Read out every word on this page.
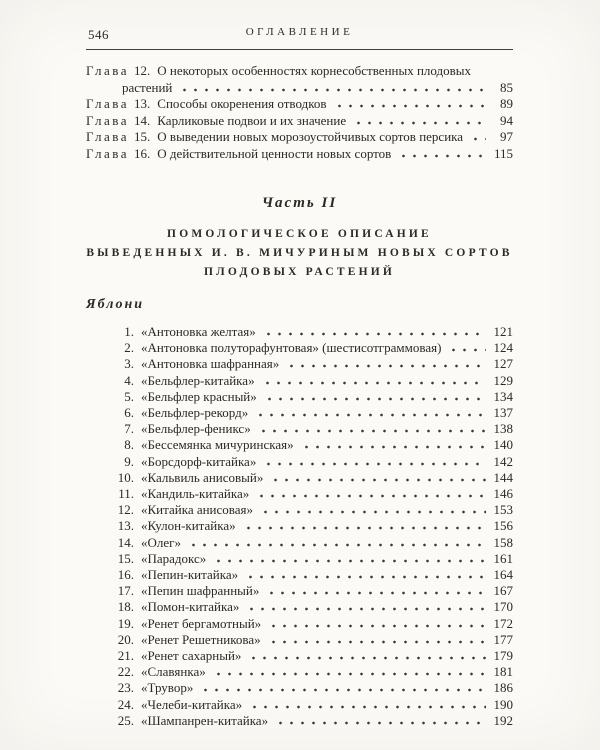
546	ОГЛАВЛЕНИЕ
Глава 12. О некоторых особенностях корнесобственных плодовых
растений	85
Глава 13. Способы окоренения отводков	89
Глава 14. Карликовые подвои и их значение	94
Глава 15. О выведении новых морозоустойчивых сортов персика	97
Глава 16. О действительной ценности новых сортов	115
Часть II
ПОМОЛОГИЧЕСКОЕ ОПИСАНИЕ
ВЫВЕДЕННЫХ И. В. МИЧУРИНЫМ НОВЫХ СОРТОВ
ПЛОДОВЫХ РАСТЕНИЙ
Яблони
1. «Антоновка желтая»	121
2. «Антоновка полуторафунтовая» (шестисотграммовая)	124
3. «Антоновка шафранная»	127
4. «Бельфлер-китайка»	129
5. «Бельфлер красный»	134
6. «Бельфлер-рекорд»	137
7. «Бельфлер-феникс»	138
8. «Бессемянка мичуринская»	140
9. «Борсдорф-китайка»	142
10. «Кальвиль анисовый»	144
11. «Кандиль-китайка»	146
12. «Китайка анисовая»	153
13. «Кулон-китайка»	156
14. «Олег»	158
15. «Парадокс»	161
16. «Пепин-китайка»	164
17. «Пепин шафранный»	167
18. «Помон-китайка»	170
19. «Ренет бергамотный»	172
20. «Ренет Решетникова»	177
21. «Ренет сахарный»	179
22. «Славянка»	181
23. «Трувор»	186
24. «Челеби-китайка»	190
25. «Шампанрен-китайка»	192
